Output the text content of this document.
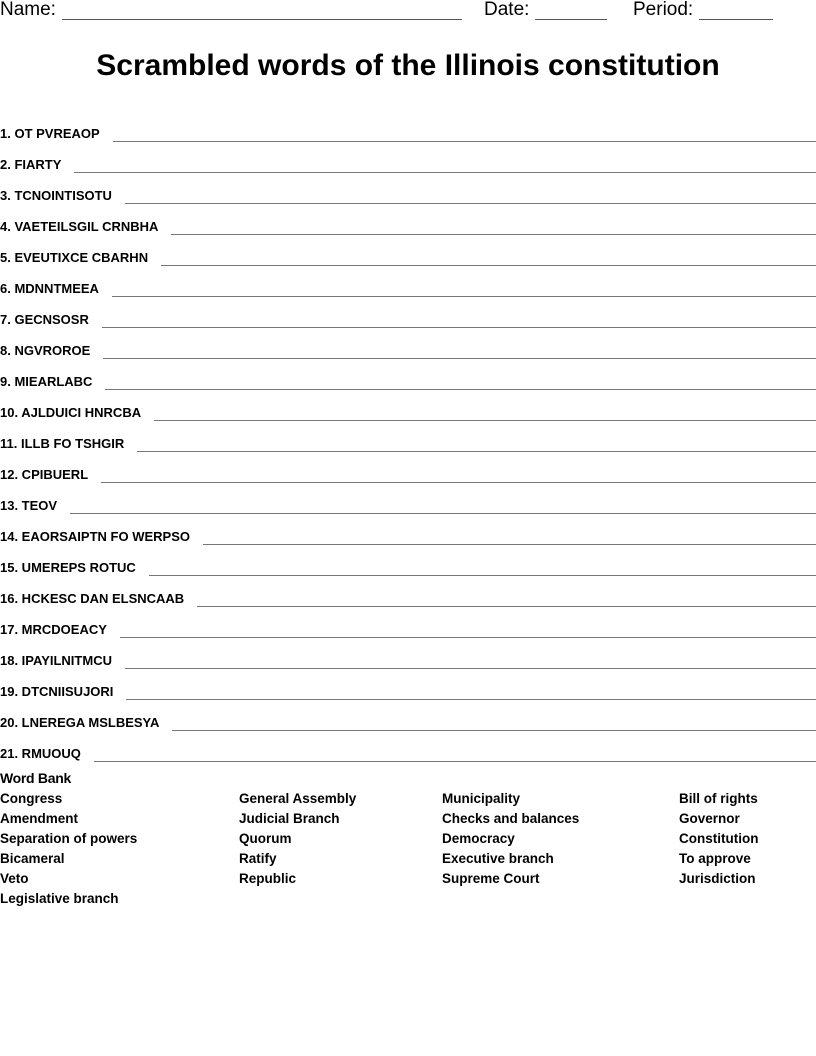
Name:	Date:	Period:
Scrambled words of the Illinois constitution
1. OT PVREAOP
2. FIARTY
3. TCNOINTISOTU
4. VAETEILSGIL CRNBHA
5. EVEUTIXCE CBARHN
6. MDNNTMEEA
7. GECNSOSR
8. NGVROROE
9. MIEARLABC
10. AJLDUICI HNRCBA
11. ILLB FO TSHGIR
12. CPIBUERL
13. TEOV
14. EAORSAIPTN FO WERPSO
15. UMEREPS ROTUC
16. HCKESC DAN ELSNCAAB
17. MRCDOEACY
18. IPAYILNITMCU
19. DTCNIISUJORI
20. LNEREGA MSLBESYA
21. RMUOUQ
Word Bank
Congress
Amendment
Separation of powers
Bicameral
Veto
Legislative branch
General Assembly
Judicial Branch
Quorum
Ratify
Republic
Municipality
Checks and balances
Democracy
Executive branch
Supreme Court
Bill of rights
Governor
Constitution
To approve
Jurisdiction
